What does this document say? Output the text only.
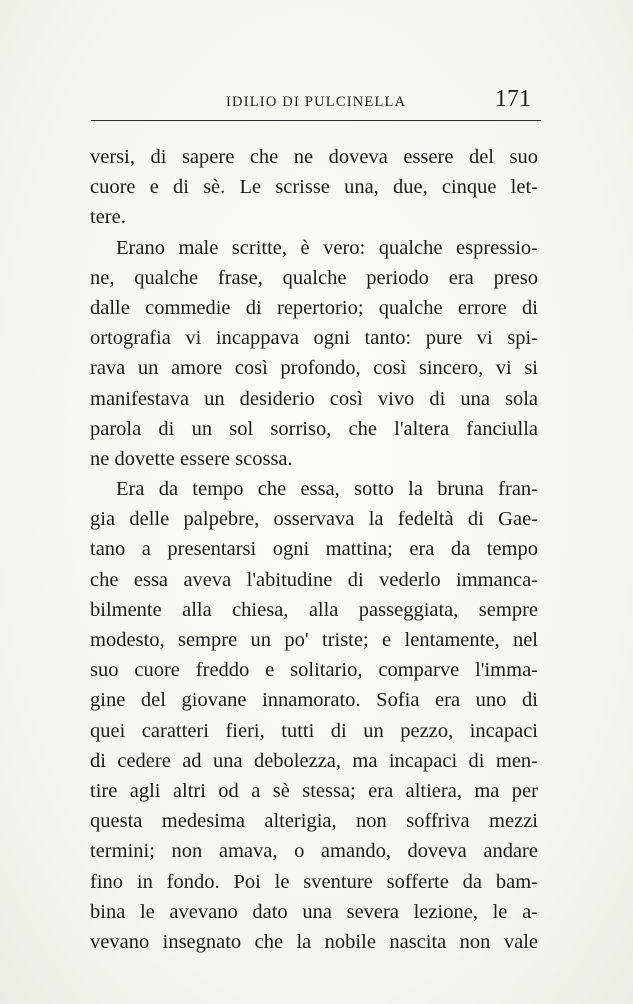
IDILIO DI PULCINELLA	171
versi, di sapere che ne doveva essere del suo
cuore e di sè. Le scrisse una, due, cinque let-
tere.
Erano male scritte, è vero: qualche espressio-
ne, qualche frase, qualche periodo era preso
dalle commedie di repertorio; qualche errore di
ortografia vi incappava ogni tanto: pure vi spi-
rava un amore così profondo, così sincero, vi si
manifestava un desiderio così vivo di una sola
parola di un sol sorriso, che l'altera fanciulla
ne dovette essere scossa.
Era da tempo che essa, sotto la bruna fran-
gia delle palpebre, osservava la fedeltà di Gae-
tano a presentarsi ogni mattina; era da tempo
che essa aveva l'abitudine di vederlo immanca-
bilmente alla chiesa, alla passeggiata, sempre
modesto, sempre un po' triste; e lentamente, nel
suo cuore freddo e solitario, comparve l'imma-
gine del giovane innamorato. Sofia era uno di
quei caratteri fieri, tutti di un pezzo, incapaci
di cedere ad una debolezza, ma incapaci di men-
tire agli altri od a sè stessa; era altiera, ma per
questa medesima alterigia, non soffriva mezzi
termini; non amava, o amando, doveva andare
fino in fondo. Poi le sventure sofferte da bam-
bina le avevano dato una severa lezione, le a-
vevano insegnato che la nobile nascita non vale
